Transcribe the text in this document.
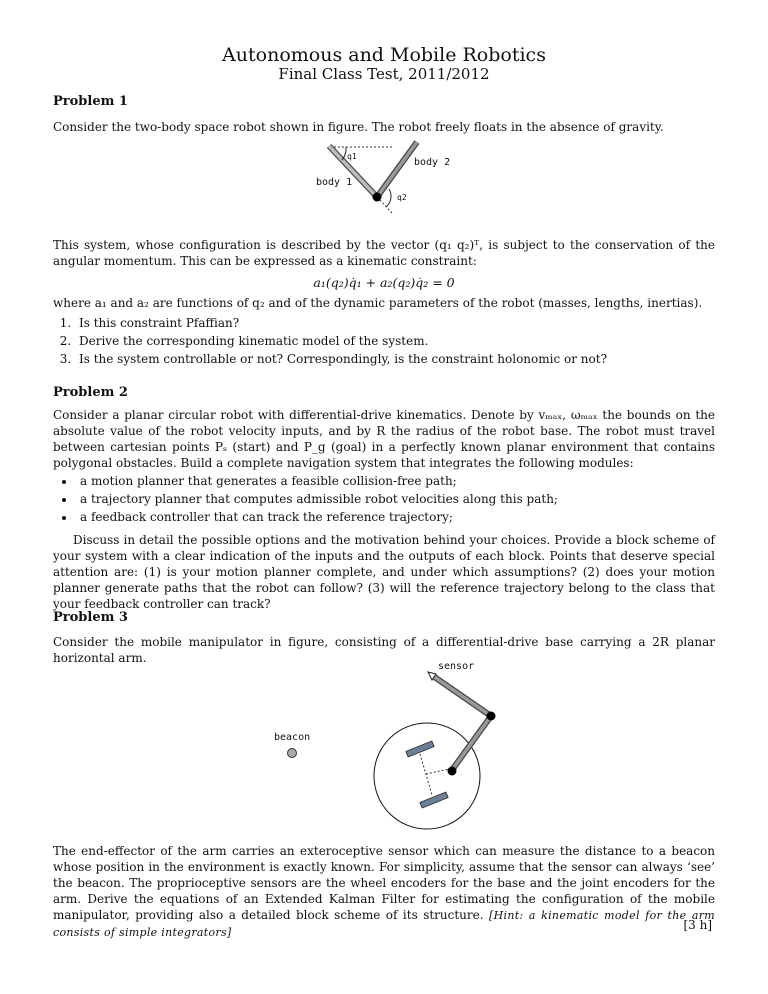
Autonomous and Mobile Robotics
Final Class Test, 2011/2012
Problem 1
Consider the two-body space robot shown in figure. The robot freely floats in the absence of gravity.
q1
q2
body 1
body 2
This system, whose configuration is described by the vector (q₁ q₂)ᵀ, is subject to the conservation of the angular momentum. This can be expressed as a kinematic constraint:
a₁(q₂)q̇₁ + a₂(q₂)q̇₂ = 0
where a₁ and a₂ are functions of q₂ and of the dynamic parameters of the robot (masses, lengths, inertias).
1. Is this constraint Pfaffian?
2. Derive the corresponding kinematic model of the system.
3. Is the system controllable or not? Correspondingly, is the constraint holonomic or not?
Problem 2
Consider a planar circular robot with differential-drive kinematics. Denote by vₘₐₓ, ωₘₐₓ the bounds on the absolute value of the robot velocity inputs, and by R the radius of the robot base. The robot must travel between cartesian points Pₛ (start) and P_g (goal) in a perfectly known planar environment that contains polygonal obstacles. Build a complete navigation system that integrates the following modules:
• a motion planner that generates a feasible collision-free path;
• a trajectory planner that computes admissible robot velocities along this path;
• a feedback controller that can track the reference trajectory;
Discuss in detail the possible options and the motivation behind your choices. Provide a block scheme of your system with a clear indication of the inputs and the outputs of each block. Points that deserve special attention are: (1) is your motion planner complete, and under which assumptions? (2) does your motion planner generate paths that the robot can follow? (3) will the reference trajectory belong to the class that your feedback controller can track?
Problem 3
Consider the mobile manipulator in figure, consisting of a differential-drive base carrying a 2R planar horizontal arm.
beacon
sensor
The end-effector of the arm carries an exteroceptive sensor which can measure the distance to a beacon whose position in the environment is exactly known. For simplicity, assume that the sensor can always ‘see’ the beacon. The proprioceptive sensors are the wheel encoders for the base and the joint encoders for the arm. Derive the equations of an Extended Kalman Filter for estimating the configuration of the mobile manipulator, providing also a detailed block scheme of its structure. [Hint: a kinematic model for the arm consists of simple integrators]
[3 h]
